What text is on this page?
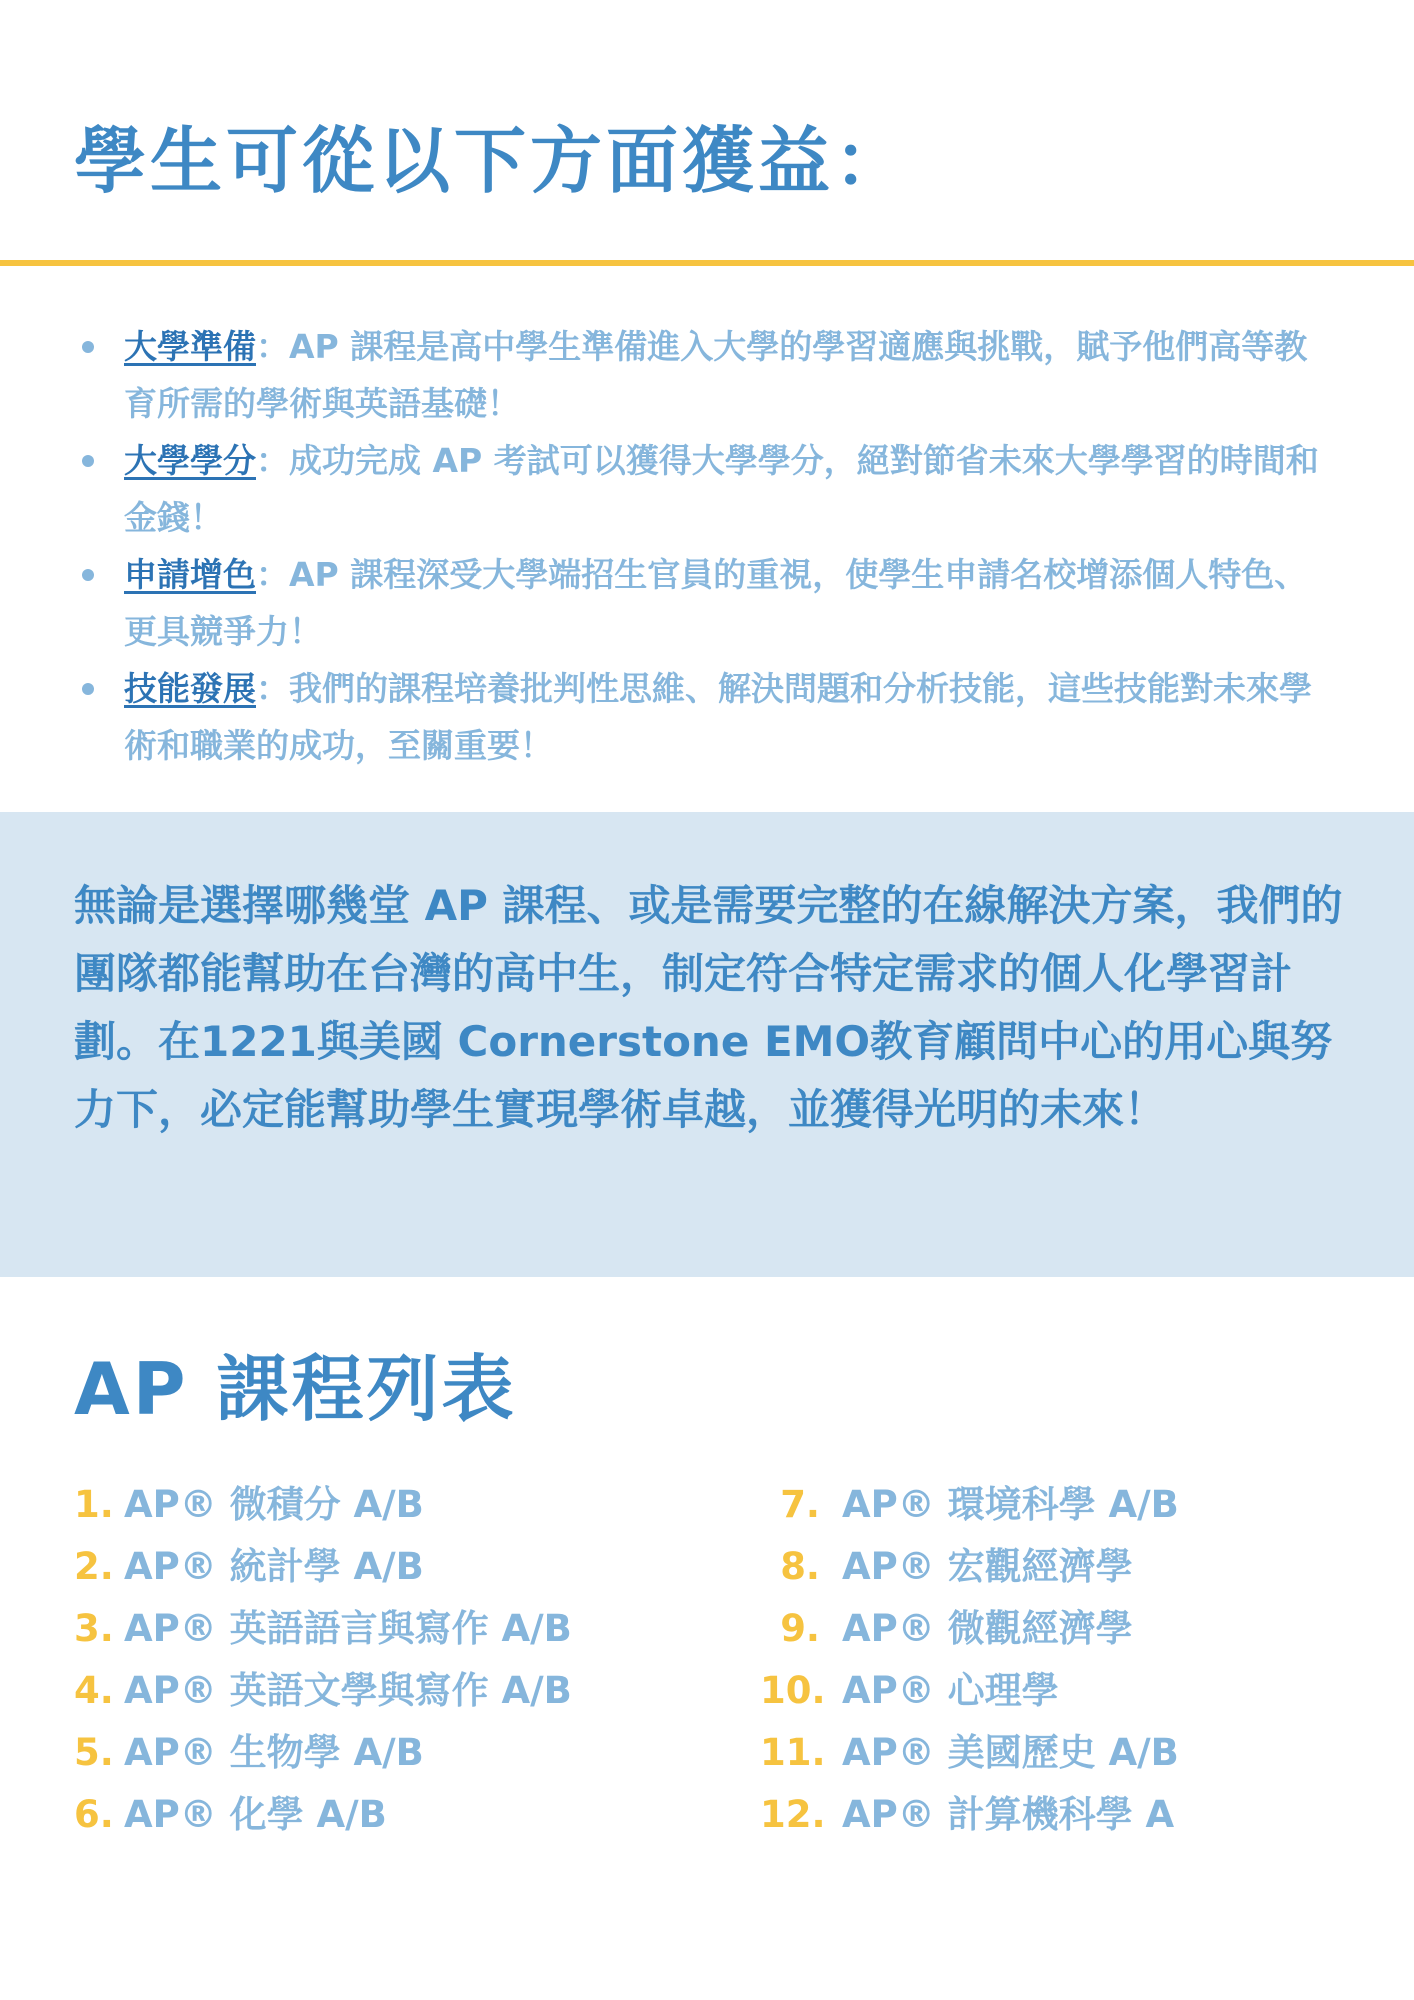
學生可從以下方面獲益：
大學準備：AP 課程是高中學生準備進入大學的學習適應與挑戰，賦予他們高等教育所需的學術與英語基礎！
大學學分：成功完成 AP 考試可以獲得大學學分，絕對節省未來大學學習的時間和金錢！
申請增色：AP 課程深受大學端招生官員的重視，使學生申請名校增添個人特色、更具競爭力！
技能發展：我們的課程培養批判性思維、解決問題和分析技能，這些技能對未來學術和職業的成功，至關重要！

無論是選擇哪幾堂 AP 課程、或是需要完整的在線解決方案，我們的團隊都能幫助在台灣的高中生，制定符合特定需求的個人化學習計劃。在1221與美國 Cornerstone EMO教育顧問中心的用心與努力下，必定能幫助學生實現學術卓越，並獲得光明的未來！

AP 課程列表
1. AP® 微積分 A/B
2. AP® 統計學 A/B
3. AP® 英語語言與寫作 A/B
4. AP® 英語文學與寫作 A/B
5. AP® 生物學 A/B
6. AP® 化學 A/B
7. AP® 環境科學 A/B
8. AP® 宏觀經濟學
9. AP® 微觀經濟學
10. AP® 心理學
11. AP® 美國歷史 A/B
12. AP® 計算機科學 A
